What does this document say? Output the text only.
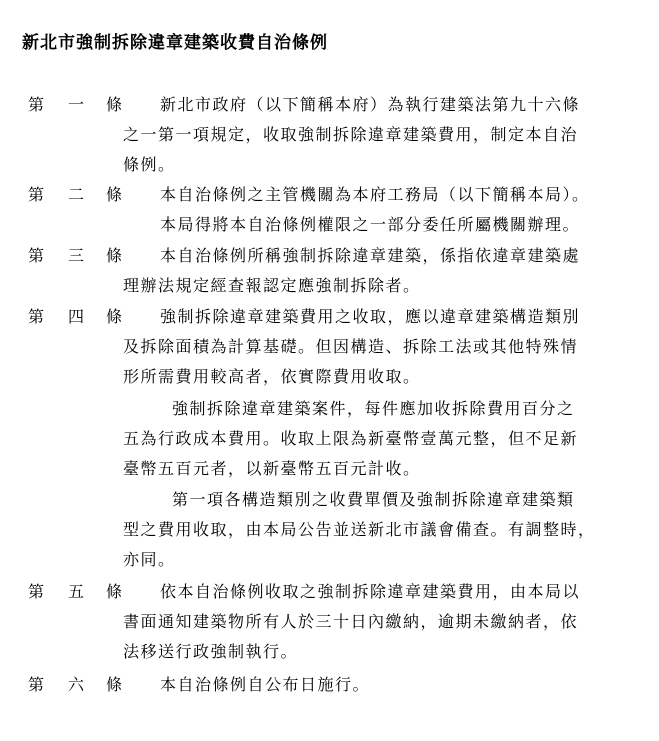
新北市強制拆除違章建築收費自治條例
第 一 條 新北市政府（以下簡稱本府）為執行建築法第九十六條
之一第一項規定，收取強制拆除違章建築費用，制定本自治
條例。
第 二 條 本自治條例之主管機關為本府工務局（以下簡稱本局）。
本局得將本自治條例權限之一部分委任所屬機關辦理。
第 三 條 本自治條例所稱強制拆除違章建築，係指依違章建築處
理辦法規定經查報認定應強制拆除者。
第 四 條 強制拆除違章建築費用之收取，應以違章建築構造類別
及拆除面積為計算基礎。但因構造、拆除工法或其他特殊情
形所需費用較高者，依實際費用收取。
強制拆除違章建築案件，每件應加收拆除費用百分之
五為行政成本費用。收取上限為新臺幣壹萬元整，但不足新
臺幣五百元者，以新臺幣五百元計收。
第一項各構造類別之收費單價及強制拆除違章建築類
型之費用收取，由本局公告並送新北市議會備查。有調整時，
亦同。
第 五 條 依本自治條例收取之強制拆除違章建築費用，由本局以
書面通知建築物所有人於三十日內繳納，逾期未繳納者，依
法移送行政強制執行。
第 六 條 本自治條例自公布日施行。
